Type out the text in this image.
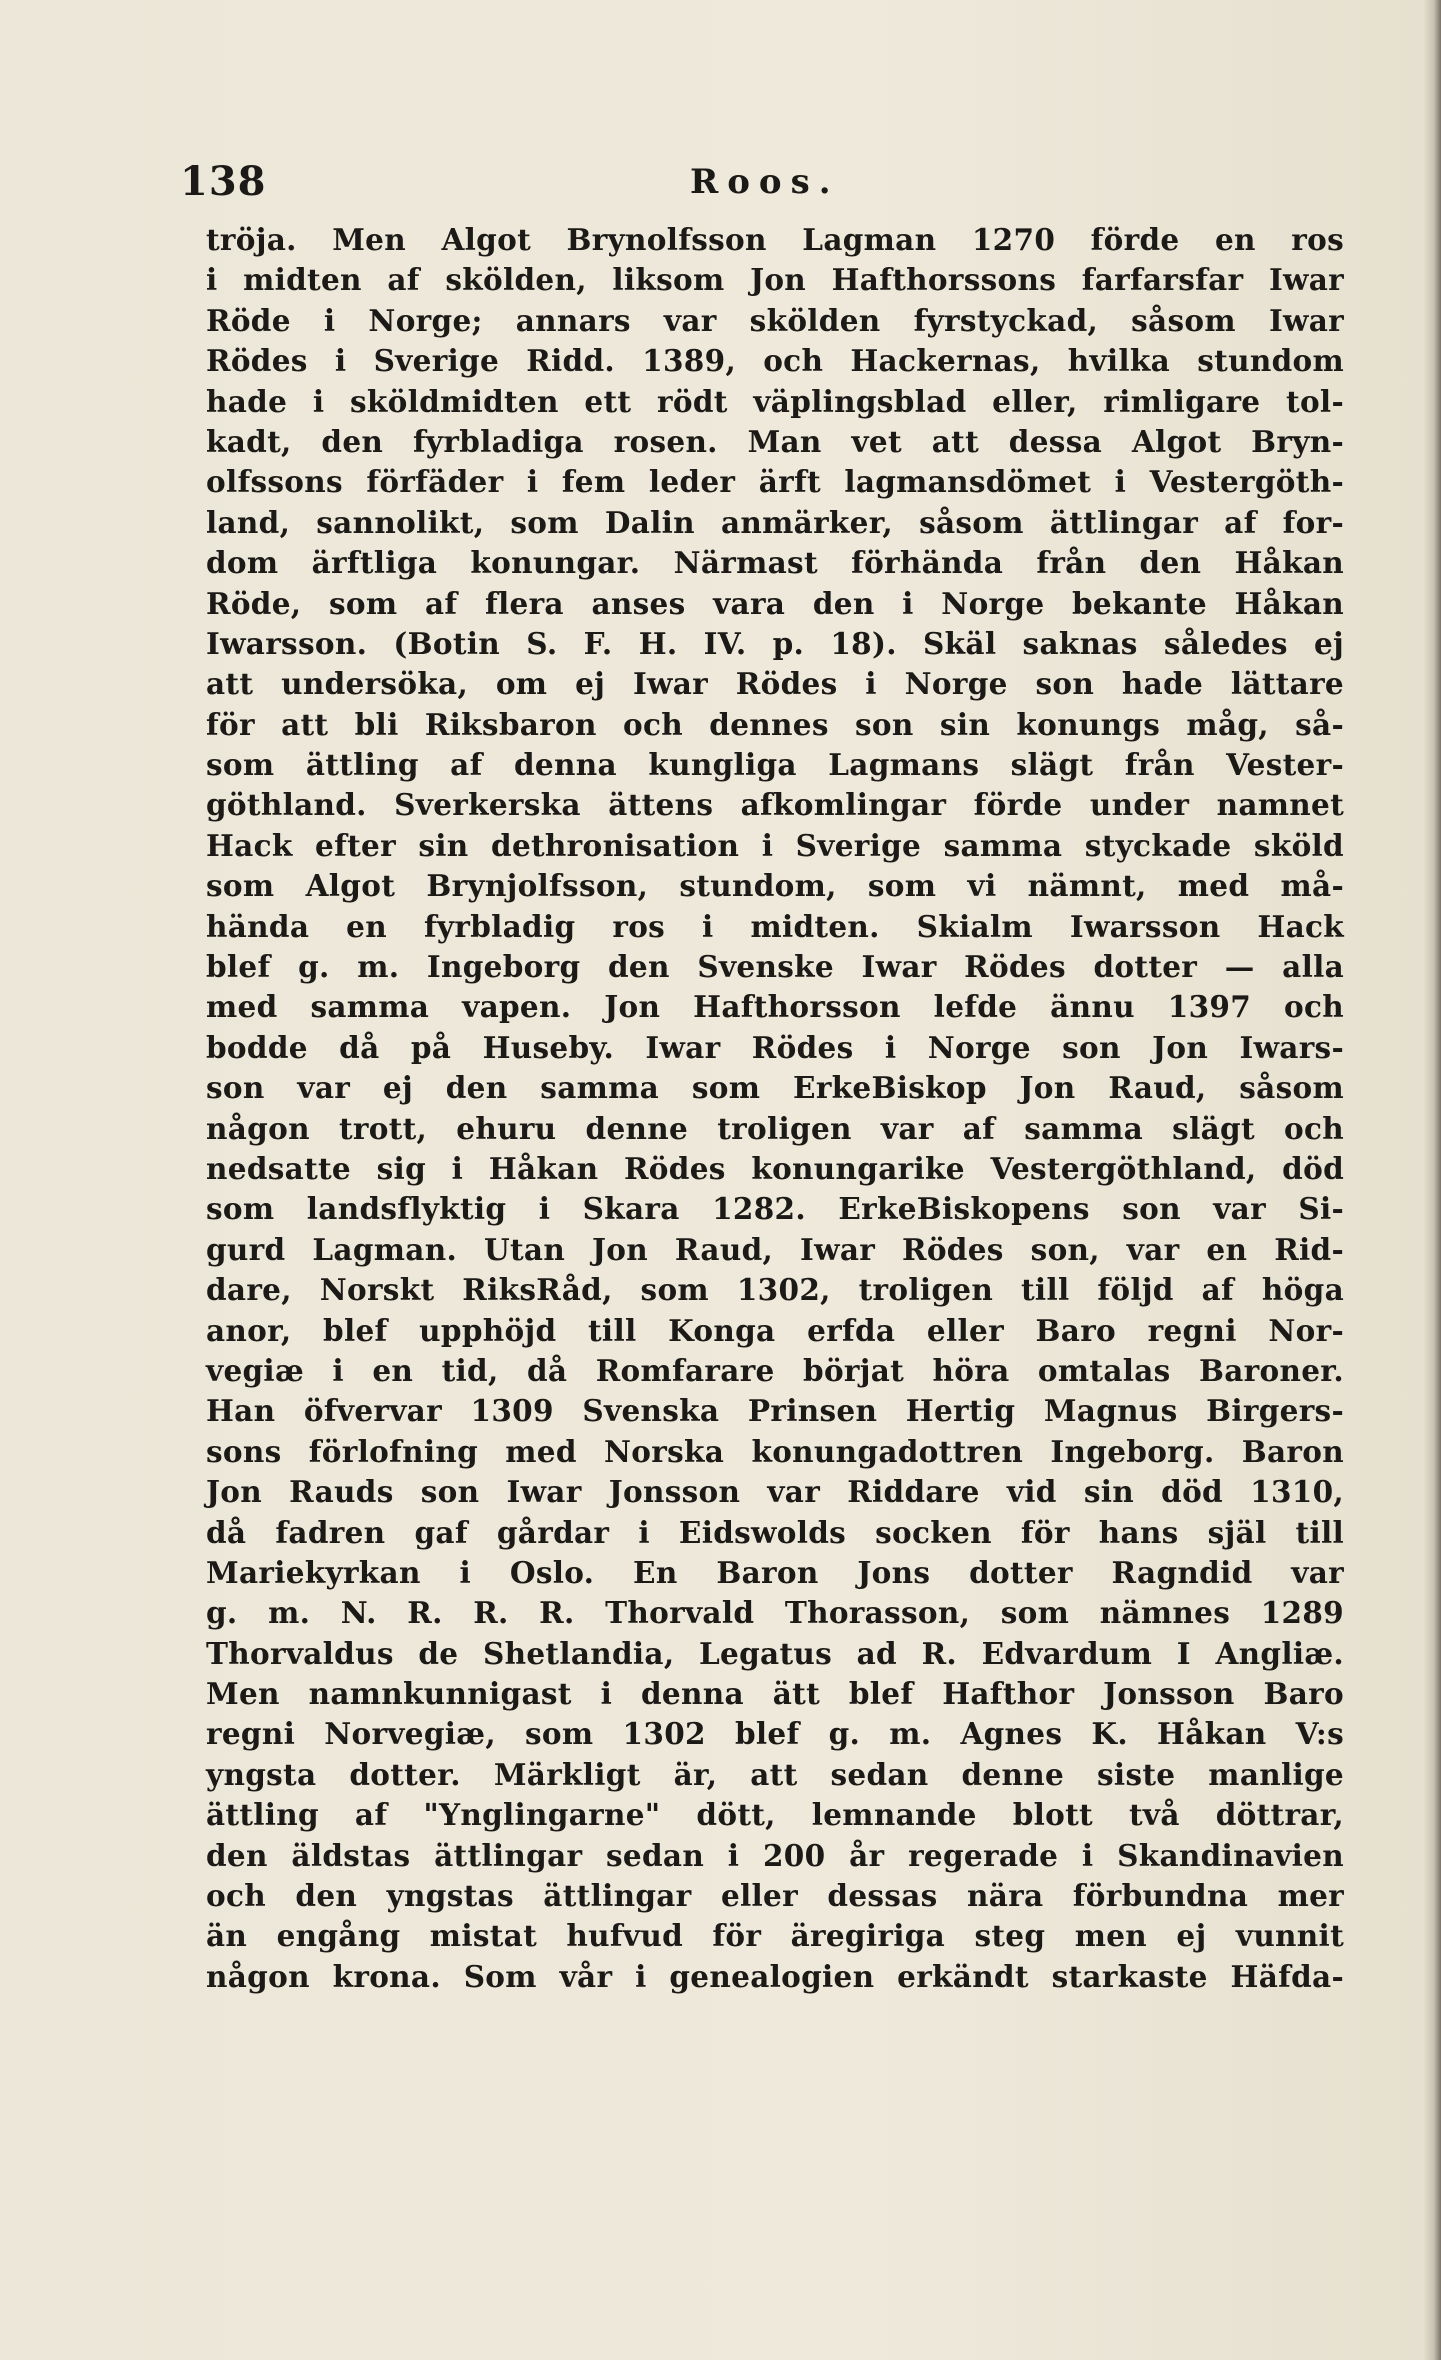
138	Roos.
tröja. Men Algot Brynolfsson Lagman 1270 förde en ros
i midten af skölden, liksom Jon Hafthorssons farfarsfar Iwar
Röde i Norge; annars var skölden fyrstyckad, såsom Iwar
Rödes i Sverige Ridd. 1389, och Hackernas, hvilka stundom
hade i sköldmidten ett rödt väplingsblad eller, rimligare tol-
kadt, den fyrbladiga rosen. Man vet att dessa Algot Bryn-
olfssons förfäder i fem leder ärft lagmansdömet i Vestergöth-
land, sannolikt, som Dalin anmärker, såsom ättlingar af for-
dom ärftliga konungar. Närmast förhända från den Håkan
Röde, som af flera anses vara den i Norge bekante Håkan
Iwarsson. (Botin S. F. H. IV. p. 18). Skäl saknas således ej
att undersöka, om ej Iwar Rödes i Norge son hade lättare
för att bli Riksbaron och dennes son sin konungs måg, så-
som ättling af denna kungliga Lagmans slägt från Vester-
göthland. Sverkerska ättens afkomlingar förde under namnet
Hack efter sin dethronisation i Sverige samma styckade sköld
som Algot Brynjolfsson, stundom, som vi nämnt, med må-
hända en fyrbladig ros i midten. Skialm Iwarsson Hack
blef g. m. Ingeborg den Svenske Iwar Rödes dotter — alla
med samma vapen. Jon Hafthorsson lefde ännu 1397 och
bodde då på Huseby. Iwar Rödes i Norge son Jon Iwars-
son var ej den samma som ErkeBiskop Jon Raud, såsom
någon trott, ehuru denne troligen var af samma slägt och
nedsatte sig i Håkan Rödes konungarike Vestergöthland, död
som landsflyktig i Skara 1282. ErkeBiskopens son var Si-
gurd Lagman. Utan Jon Raud, Iwar Rödes son, var en Rid-
dare, Norskt RiksRåd, som 1302, troligen till följd af höga
anor, blef upphöjd till Konga erfda eller Baro regni Nor-
vegiæ i en tid, då Romfarare börjat höra omtalas Baroner.
Han öfvervar 1309 Svenska Prinsen Hertig Magnus Birgers-
sons förlofning med Norska konungadottren Ingeborg. Baron
Jon Rauds son Iwar Jonsson var Riddare vid sin död 1310,
då fadren gaf gårdar i Eidswolds socken för hans själ till
Mariekyrkan i Oslo. En Baron Jons dotter Ragndid var
g. m. N. R. R. R. Thorvald Thorasson, som nämnes 1289
Thorvaldus de Shetlandia, Legatus ad R. Edvardum I Angliæ.
Men namnkunnigast i denna ätt blef Hafthor Jonsson Baro
regni Norvegiæ, som 1302 blef g. m. Agnes K. Håkan V:s
yngsta dotter. Märkligt är, att sedan denne siste manlige
ättling af "Ynglingarne" dött, lemnande blott två döttrar,
den äldstas ättlingar sedan i 200 år regerade i Skandinavien
och den yngstas ättlingar eller dessas nära förbundna mer
än engång mistat hufvud för äregiriga steg men ej vunnit
någon krona. Som vår i genealogien erkändt starkaste Häfda-
